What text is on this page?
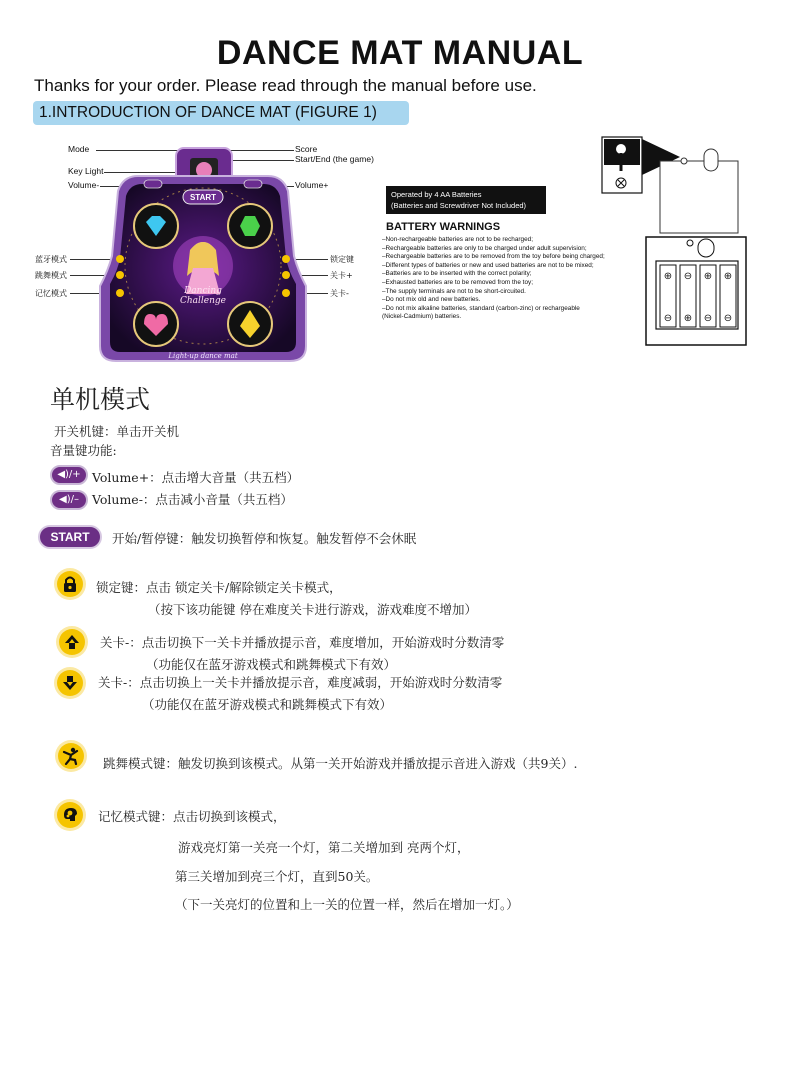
DANCE MAT MANUAL
Thanks for your order. Please read through the manual before use.
1.INTRODUCTION OF DANCE MAT (FIGURE 1)
Mode
Key Light
Volume-
Score
Start/End (the game)
Volume+
蓝牙模式
跳舞模式
记忆模式
锁定键
关卡+
关卡-
START
Dancing
Challenge
Light-up dance mat
Operated by 4 AA Batteries
(Batteries and Screwdriver Not Included)
BATTERY WARNINGS
–Non-rechargeable batteries are not to be recharged;
–Rechargeable batteries are only to be charged under adult supervision;
–Rechargeable batteries are to be removed from the toy before being charged;
–Different types of batteries or new and used batteries are not to be mixed;
–Batteries are to be inserted with the correct polarity;
–Exhausted batteries are to be removed from the toy;
–The supply terminals are not to be short-circuited.
–Do not mix old and new batteries.
–Do not mix alkaline batteries, standard (carbon-zinc) or rechargeable
(Nickel-Cadmium) batteries.
⊕ ⊖ ⊕ ⊕
⊖ ⊕ ⊖ ⊖
单机模式
开关机键：单击开关机
音量键功能:
◀)/+ Volume+：点击增大音量（共五档）
◀)/–	Volume-：点击减小音量（共五档）
START	开始/暂停键：触发切换暂停和恢复。触发暂停不会休眠
锁定键：点击 锁定关卡/解除锁定关卡模式，
（按下该功能键 停在难度关卡进行游戏，游戏难度不增加）
关卡-：点击切换下一关卡并播放提示音，难度增加，开始游戏时分数清零
（功能仅在蓝牙游戏模式和跳舞模式下有效）
关卡-：点击切换上一关卡并播放提示音，难度减弱，开始游戏时分数清零
（功能仅在蓝牙游戏模式和跳舞模式下有效）
跳舞模式键：触发切换到该模式。从第一关开始游戏并播放提示音进入游戏（共9关）.
记忆模式键：点击切换到该模式，
游戏亮灯第一关亮一个灯，第二关增加到 亮两个灯，
第三关增加到亮三个灯，直到50关。
（下一关亮灯的位置和上一关的位置一样，然后在增加一灯。）
